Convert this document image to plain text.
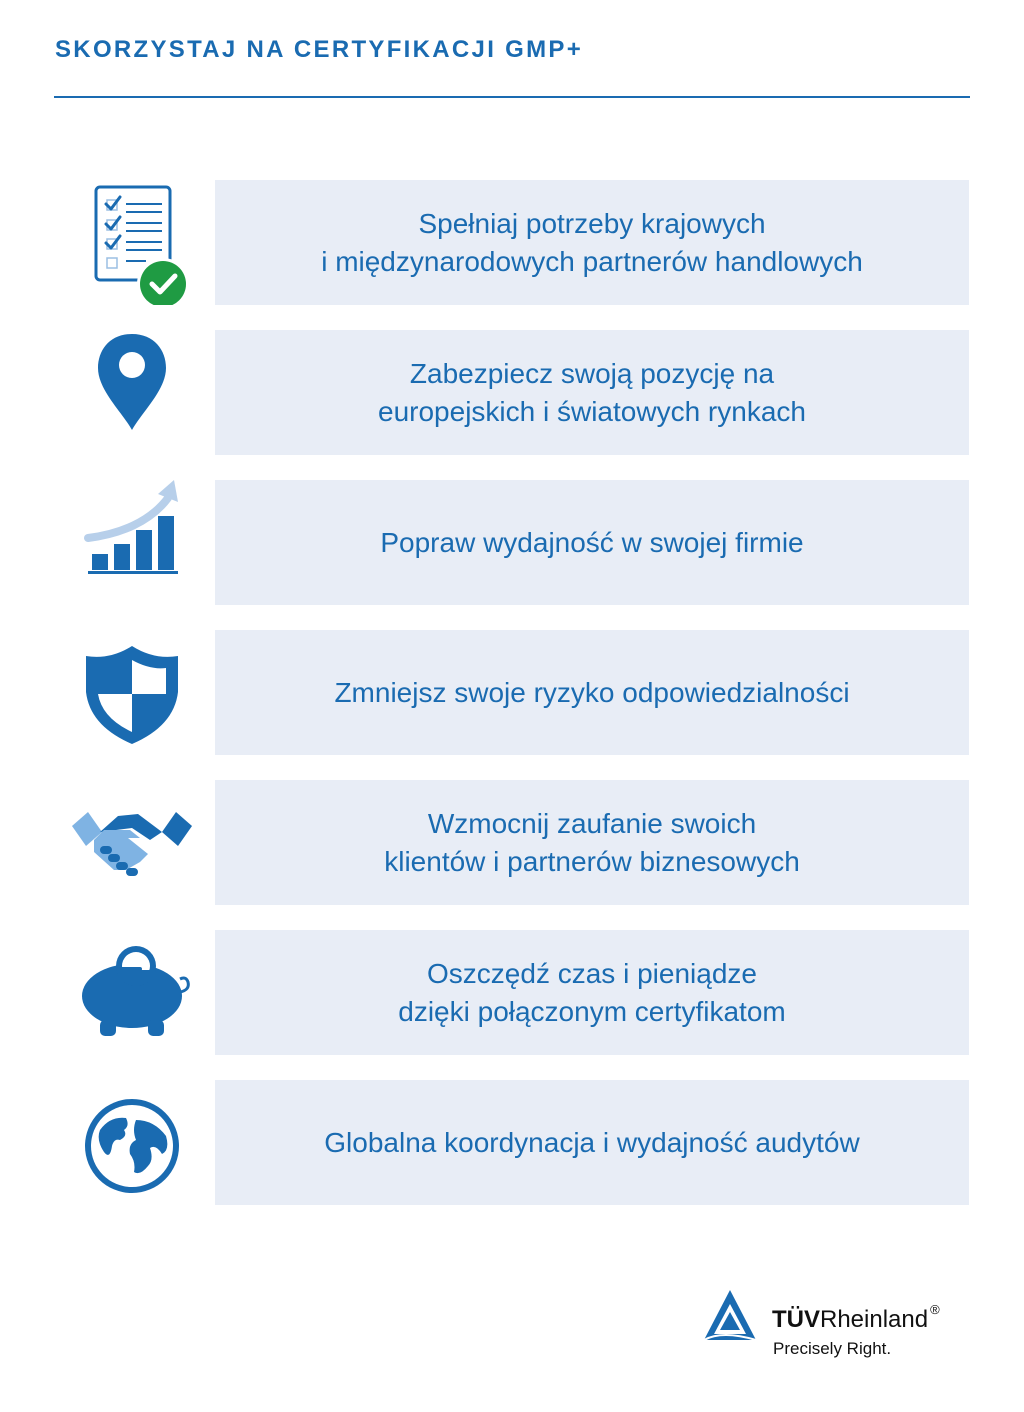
SKORZYSTAJ NA CERTYFIKACJI GMP+
Spełniaj potrzeby krajowych
i międzynarodowych partnerów handlowych
Zabezpiecz swoją pozycję na
europejskich i światowych rynkach
Popraw wydajność w swojej firmie
Zmniejsz swoje ryzyko odpowiedzialności
Wzmocnij zaufanie swoich
klientów i partnerów biznesowych
Oszczędź czas i pieniądze
dzięki połączonym certyfikatom
Globalna koordynacja i wydajność audytów
TÜVRheinland ®
Precisely Right.
